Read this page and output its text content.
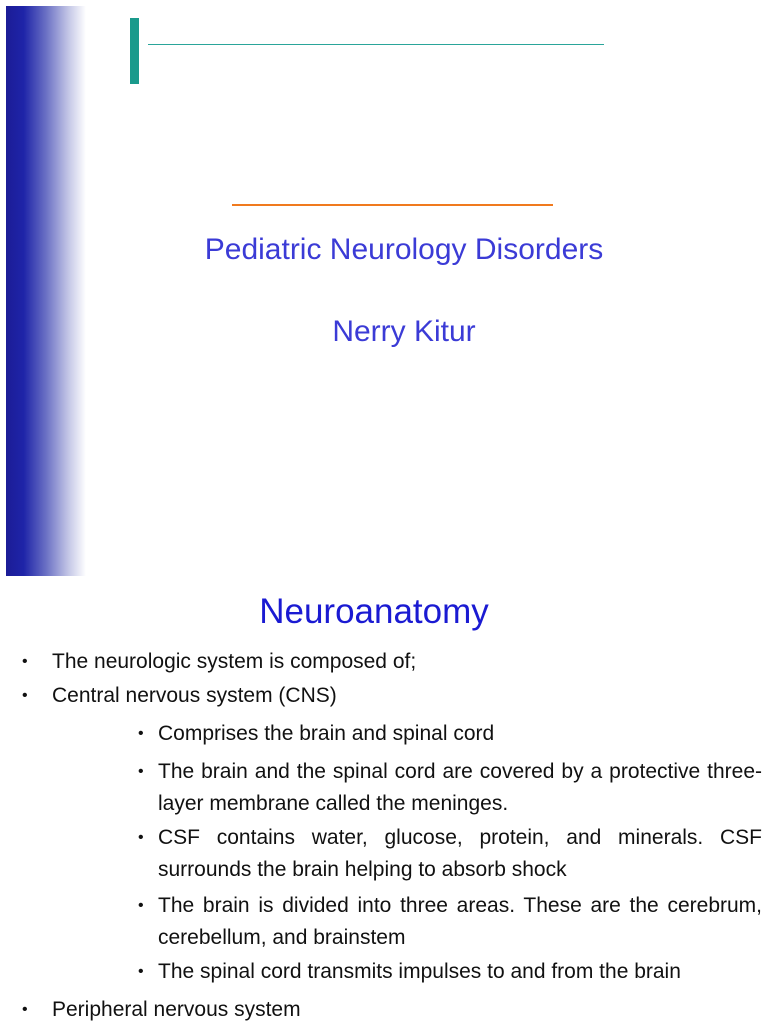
Pediatric Neurology Disorders
Nerry Kitur
Neuroanatomy
• The neurologic system is composed of;
• Central nervous system (CNS)
• Comprises the brain and spinal cord
• The brain and the spinal cord are covered by a protective three-layer membrane called the meninges.
• CSF contains water, glucose, protein, and minerals. CSF surrounds the brain helping to absorb shock
• The brain is divided into three areas. These are the cerebrum, cerebellum, and brainstem
• The spinal cord transmits impulses to and from the brain
• Peripheral nervous system
